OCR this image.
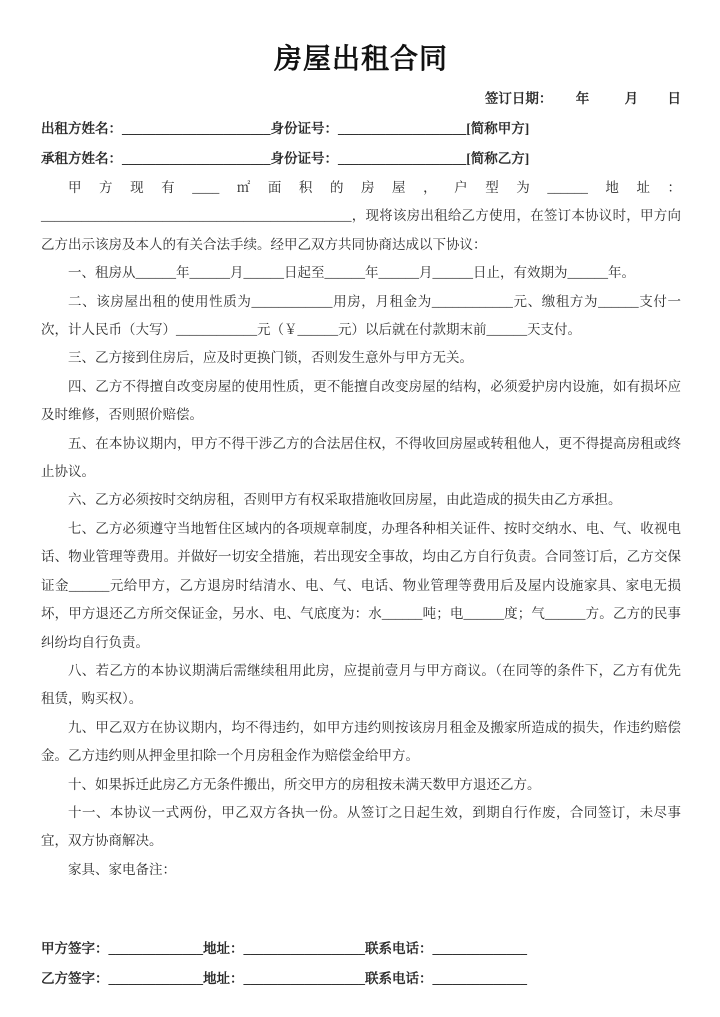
房屋出租合同
签订日期： 年	月 日

出租方姓名：______________________身份证号：___________________[简称甲方]

承租方姓名：______________________身份证号：___________________[简称乙方]

甲方现有____㎡面积的房屋，户型为______地址：______________________________________________，现将该房出租给乙方使用，在签订本协议时，甲方向乙方出示该房及本人的有关合法手续。经甲乙双方共同协商达成以下协议：

一、租房从______年______月______日起至______年______月______日止，有效期为______年。

二、该房屋出租的使用性质为____________用房，月租金为____________元、缴租方为______支付一次，计人民币（大写）____________元（￥______元）以后就在付款期末前______天支付。

三、乙方接到住房后，应及时更换门锁，否则发生意外与甲方无关。

四、乙方不得擅自改变房屋的使用性质，更不能擅自改变房屋的结构，必须爱护房内设施，如有损坏应及时维修，否则照价赔偿。

五、在本协议期内，甲方不得干涉乙方的合法居住权，不得收回房屋或转租他人，更不得提高房租或终止协议。

六、乙方必须按时交纳房租，否则甲方有权采取措施收回房屋，由此造成的损失由乙方承担。

七、乙方必须遵守当地暂住区域内的各项规章制度，办理各种相关证件、按时交纳水、电、气、收视电话、物业管理等费用。并做好一切安全措施，若出现安全事故，均由乙方自行负责。合同签订后，乙方交保证金______元给甲方，乙方退房时结清水、电、气、电话、物业管理等费用后及屋内设施家具、家电无损坏，甲方退还乙方所交保证金，另水、电、气底度为：水______吨；电______度；气______方。乙方的民事纠纷均自行负责。

八、若乙方的本协议期满后需继续租用此房，应提前壹月与甲方商议。（在同等的条件下，乙方有优先租赁，购买权）。

九、甲乙双方在协议期内，均不得违约，如甲方违约则按该房月租金及搬家所造成的损失，作违约赔偿金。乙方违约则从押金里扣除一个月房租金作为赔偿金给甲方。

十、如果拆迁此房乙方无条件搬出，所交甲方的房租按未满天数甲方退还乙方。

十一、本协议一式两份，甲乙双方各执一份。从签订之日起生效，到期自行作废，合同签订，未尽事宜，双方协商解决。

家具、家电备注：

甲方签字：______________地址：__________________联系电话：______________

乙方签字：______________地址：__________________联系电话：______________
